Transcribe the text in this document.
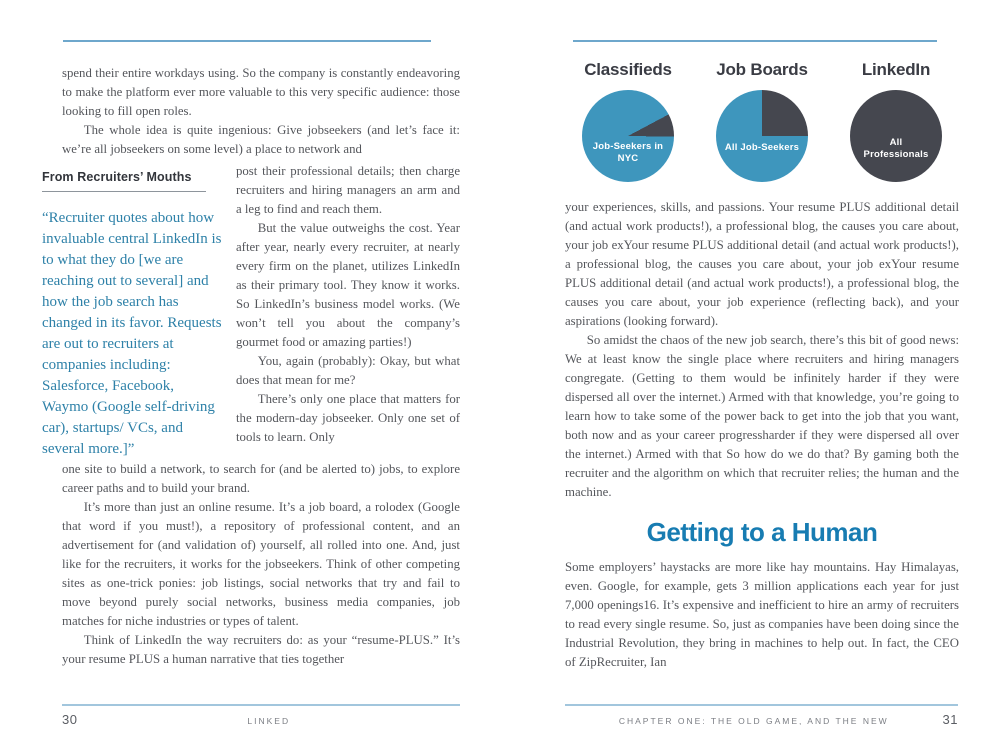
spend their entire workdays using. So the company is constantly endeavoring to make the platform ever more valuable to this very specific audience: those looking to fill open roles.

The whole idea is quite ingenious: Give jobseekers (and let’s face it: we’re all jobseekers on some level) a place to network and

From Recruiters’ Mouths
“Recruiter quotes about how invaluable central LinkedIn is to what they do [we are reaching out to several] and how the job search has changed in its favor. Requests are out to recruiters at companies including: Salesforce, Facebook, Waymo (Google self-driving car), startups/ VCs, and several more.]”

post their professional details; then charge recruiters and hiring managers an arm and a leg to find and reach them.

But the value outweighs the cost. Year after year, nearly every recruiter, at nearly every firm on the planet, utilizes LinkedIn as their primary tool. They know it works. So LinkedIn’s business model works. (We won’t tell you about the company’s gourmet food or amazing parties!)

You, again (probably): Okay, but what does that mean for me?

There’s only one place that matters for the modern-day jobseeker. Only one set of tools to learn. Only

one site to build a network, to search for (and be alerted to) jobs, to explore career paths and to build your brand.

It’s more than just an online resume. It’s a job board, a rolodex (Google that word if you must!), a repository of professional content, and an advertisement for (and validation of) yourself, all rolled into one. And, just like for the recruiters, it works for the jobseekers. Think of other competing sites as one-trick ponies: job listings, social networks that try and fail to move beyond purely social networks, business media companies, job matches for niche industries or types of talent.

Think of LinkedIn the way recruiters do: as your “resume-PLUS.” It’s your resume PLUS a human narrative that ties together

Classifieds
Job-Seekers in NYC
Job Boards
All Job-Seekers
LinkedIn
All Professionals

your experiences, skills, and passions. Your resume PLUS additional detail (and actual work products!), a professional blog, the causes you care about, your job exYour resume PLUS additional detail (and actual work products!), a professional blog, the causes you care about, your job exYour resume PLUS additional detail (and actual work products!), a professional blog, the causes you care about, your job experience (reflecting back), and your aspirations (looking forward).

So amidst the chaos of the new job search, there’s this bit of good news: We at least know the single place where recruiters and hiring managers congregate. (Getting to them would be infinitely harder if they were dispersed all over the internet.) Armed with that knowledge, you’re going to learn how to take some of the power back to get into the job that you want, both now and as your career progressharder if they were dispersed all over the internet.) Armed with that So how do we do that? By gaming both the recruiter and the algorithm on which that recruiter relies; the human and the machine.

Getting to a Human

Some employers’ haystacks are more like hay mountains. Hay Himalayas, even. Google, for example, gets 3 million applications each year for just 7,000 openings16. It’s expensive and inefficient to hire an army of recruiters to read every single resume. So, just as companies have been doing since the Industrial Revolution, they bring in machines to help out. In fact, the CEO of ZipRecruiter, Ian

30	LINKED	CHAPTER ONE: THE OLD GAME, AND THE NEW	31
